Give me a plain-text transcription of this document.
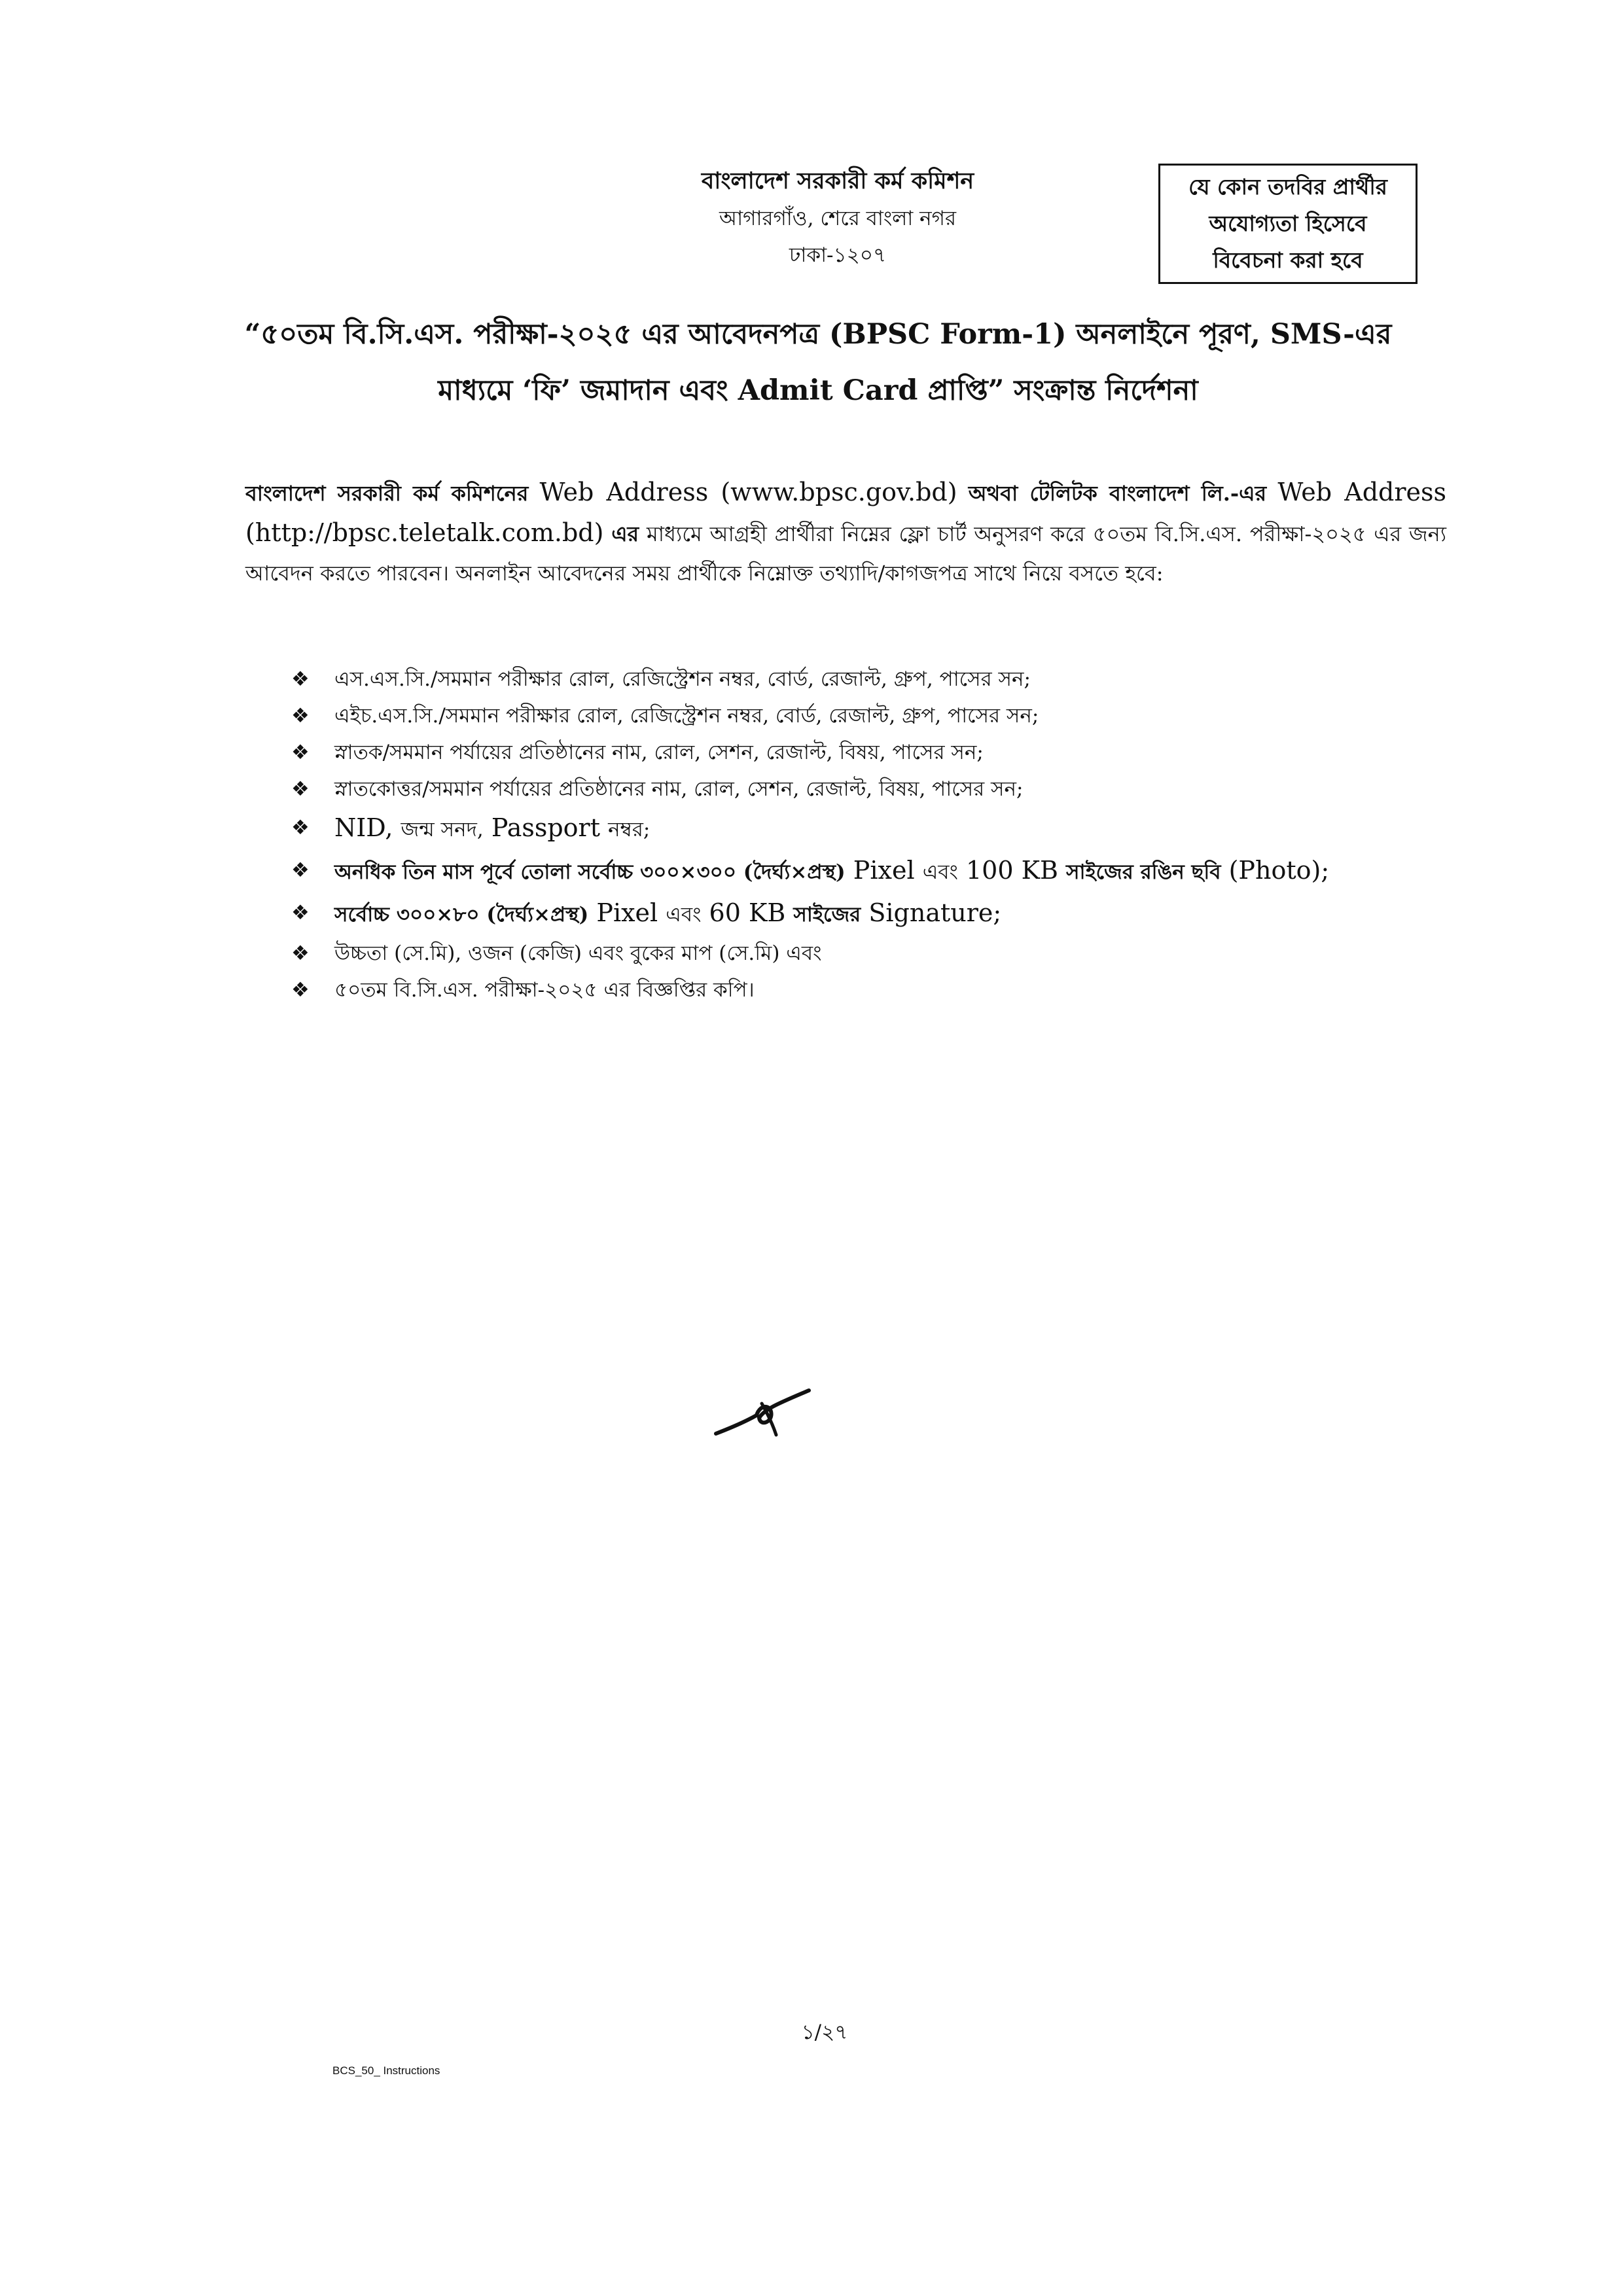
বাংলাদেশ সরকারী কর্ম কমিশন
আগারগাঁও, শেরে বাংলা নগর
ঢাকা-১২০৭
যে কোন তদবির প্রার্থীর
অযোগ্যতা হিসেবে
বিবেচনা করা হবে
“৫০তম বি.সি.এস. পরীক্ষা-২০২৫ এর আবেদনপত্র (BPSC Form-1) অনলাইনে পূরণ, SMS-এর
মাধ্যমে ‘ফি’ জমাদান এবং Admit Card প্রাপ্তি” সংক্রান্ত নির্দেশনা

বাংলাদেশ সরকারী কর্ম কমিশনের Web Address (www.bpsc.gov.bd) অথবা টেলিটক বাংলাদেশ লি.-এর Web Address (http://bpsc.teletalk.com.bd) এর মাধ্যমে আগ্রহী প্রার্থীরা নিম্নের ফ্লো চার্ট অনুসরণ করে ৫০তম বি.সি.এস. পরীক্ষা-২০২৫ এর জন্য আবেদন করতে পারবেন। অনলাইন আবেদনের সময় প্রার্থীকে নিম্নোক্ত তথ্যাদি/কাগজপত্র সাথে নিয়ে বসতে হবে:

❖ এস.এস.সি./সমমান পরীক্ষার রোল, রেজিস্ট্রেশন নম্বর, বোর্ড, রেজাল্ট, গ্রুপ, পাসের সন;
❖ এইচ.এস.সি./সমমান পরীক্ষার রোল, রেজিস্ট্রেশন নম্বর, বোর্ড, রেজাল্ট, গ্রুপ, পাসের সন;
❖ স্নাতক/সমমান পর্যায়ের প্রতিষ্ঠানের নাম, রোল, সেশন, রেজাল্ট, বিষয়, পাসের সন;
❖ স্নাতকোত্তর/সমমান পর্যায়ের প্রতিষ্ঠানের নাম, রোল, সেশন, রেজাল্ট, বিষয়, পাসের সন;
❖ NID, জন্ম সনদ, Passport নম্বর;
❖ অনধিক তিন মাস পূর্বে তোলা সর্বোচ্চ ৩০০×৩০০ (দৈর্ঘ্য×প্রস্থ) Pixel এবং 100 KB সাইজের রঙিন ছবি (Photo);
❖ সর্বোচ্চ ৩০০×৮০ (দৈর্ঘ্য×প্রস্থ) Pixel এবং 60 KB সাইজের Signature;
❖ উচ্চতা (সে.মি), ওজন (কেজি) এবং বুকের মাপ (সে.মি) এবং
❖ ৫০তম বি.সি.এস. পরীক্ষা-২০২৫ এর বিজ্ঞপ্তির কপি।
১/২৭
BCS_50_ Instructions
